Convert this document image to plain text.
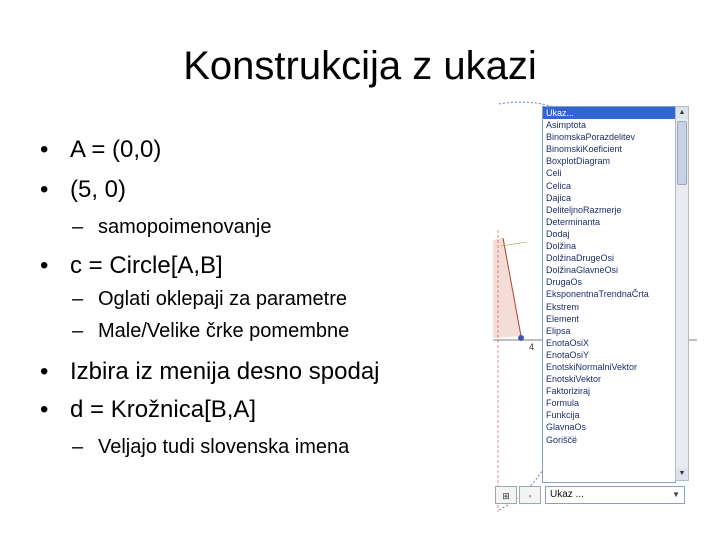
Konstrukcija z ukazi
• A = (0,0)
• (5, 0)
– samopoimenovanje
• c = Circle[A,B]
– Oglati oklepaji za parametre
– Male/Velike črke pomembne
• Izbira iz menija desno spodaj
• d = Krožnica[B,A]
– Veljajo tudi slovenska imena
4
Ukaz...
Asimptota
BinomskaPorazdelitev
BinomskiKoeficient
BoxplotDiagram
Celi
Celica
Dajica
DeliteljnoRazmerje
Determinanta
Dodaj
Dolžina
DolžinaDrugeOsi
DolžinaGlavneOsi
DrugaOs
EksponentnaTrendnaČrta
Ekstrem
Element
Elipsa
EnotaOsiX
EnotaOsiY
EnotskiNormalniVektor
EnotskiVektor
Faktoriziraj
Formula
Funkcija
GlavnaOs
Goriščë
▲
▼
⊞	◦	Ukaz ...	▼
